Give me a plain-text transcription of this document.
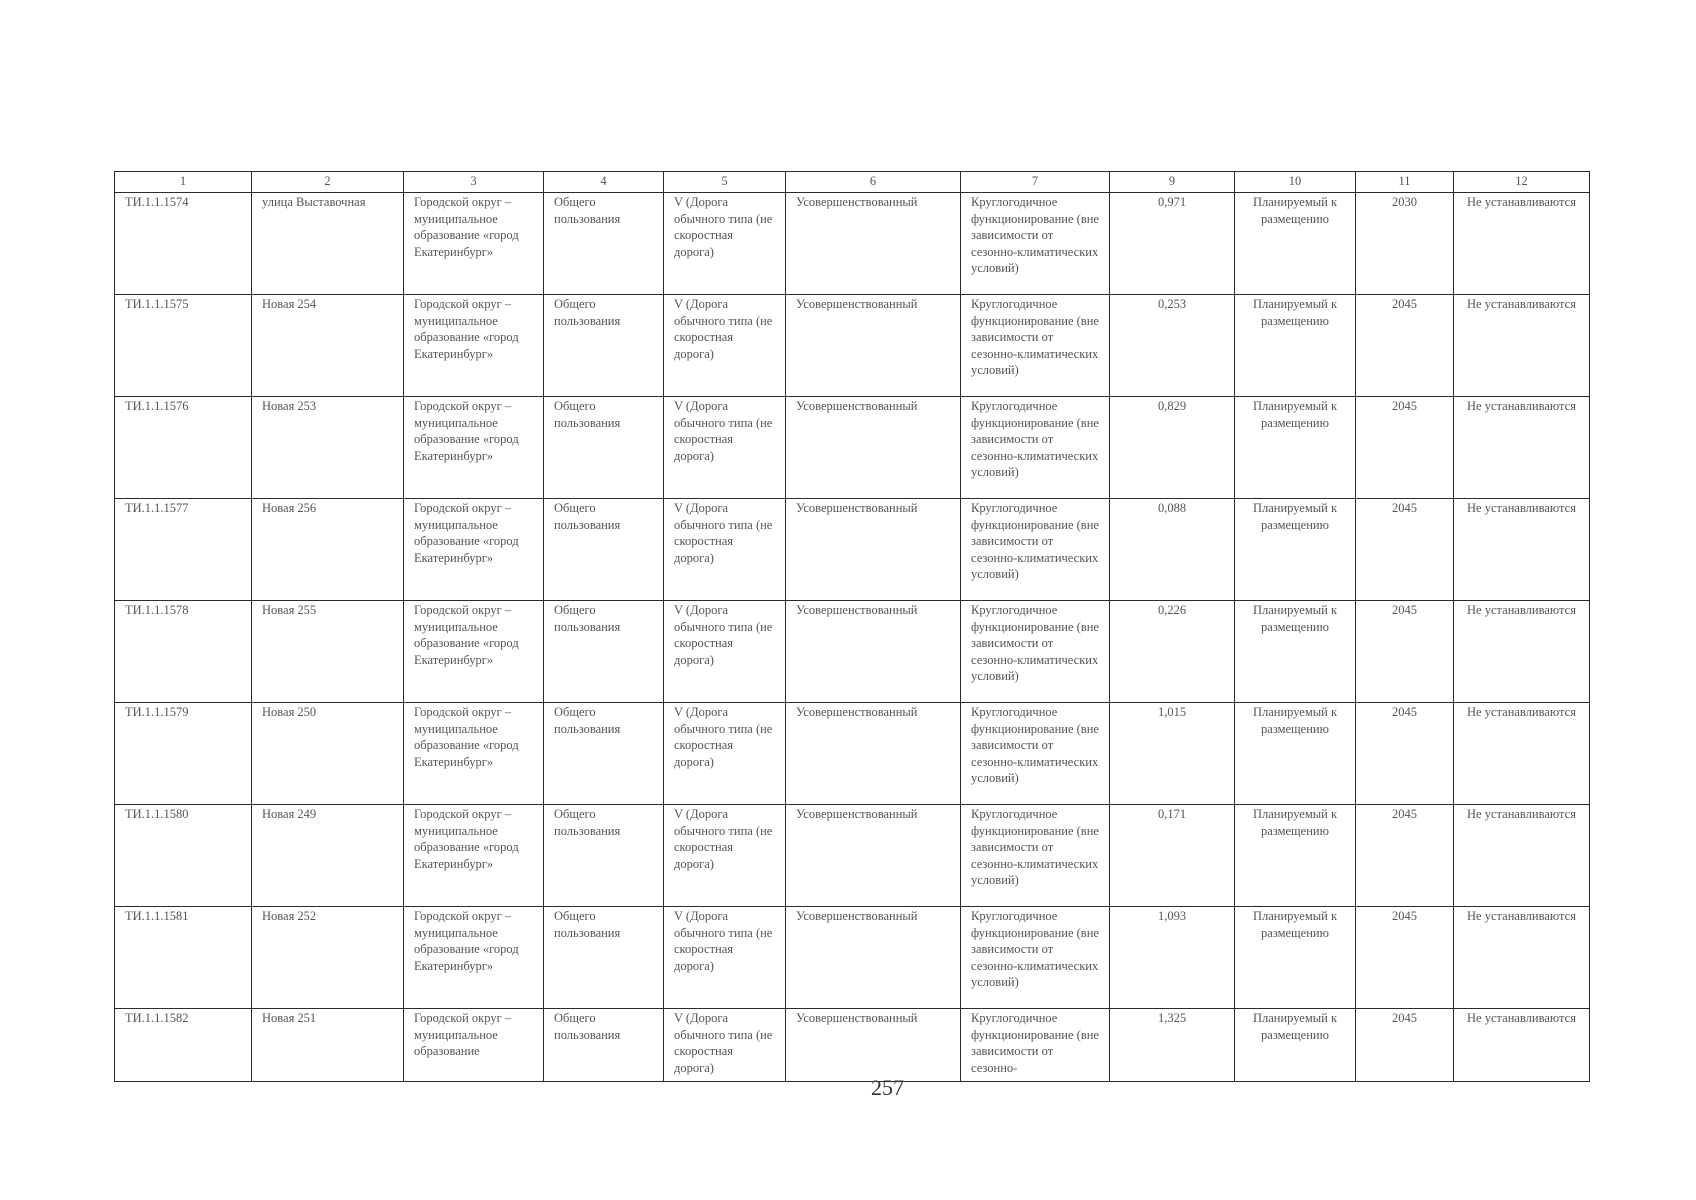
1	2	3	4	5	6	7	9	10	11	12

ТИ.1.1.1574	улица Выставочная	Городской округ – муниципальное образование «город Екатеринбург»	Общего пользования	V (Дорога обычного типа (не скоростная дорога)	Усовершенствованный	Круглогодичное функционирование (вне зависимости от сезонно-климатических условий)	0,971	Планируемый к размещению	2030	Не устанавливаются

ТИ.1.1.1575	Новая 254	Городской округ – муниципальное образование «город Екатеринбург»	Общего пользования	V (Дорога обычного типа (не скоростная дорога)	Усовершенствованный	Круглогодичное функционирование (вне зависимости от сезонно-климатических условий)	0,253	Планируемый к размещению	2045	Не устанавливаются

ТИ.1.1.1576	Новая 253	Городской округ – муниципальное образование «город Екатеринбург»	Общего пользования	V (Дорога обычного типа (не скоростная дорога)	Усовершенствованный	Круглогодичное функционирование (вне зависимости от сезонно-климатических условий)	0,829	Планируемый к размещению	2045	Не устанавливаются

ТИ.1.1.1577	Новая 256	Городской округ – муниципальное образование «город Екатеринбург»	Общего пользования	V (Дорога обычного типа (не скоростная дорога)	Усовершенствованный	Круглогодичное функционирование (вне зависимости от сезонно-климатических условий)	0,088	Планируемый к размещению	2045	Не устанавливаются

ТИ.1.1.1578	Новая 255	Городской округ – муниципальное образование «город Екатеринбург»	Общего пользования	V (Дорога обычного типа (не скоростная дорога)	Усовершенствованный	Круглогодичное функционирование (вне зависимости от сезонно-климатических условий)	0,226	Планируемый к размещению	2045	Не устанавливаются

ТИ.1.1.1579	Новая 250	Городской округ – муниципальное образование «город Екатеринбург»	Общего пользования	V (Дорога обычного типа (не скоростная дорога)	Усовершенствованный	Круглогодичное функционирование (вне зависимости от сезонно-климатических условий)	1,015	Планируемый к размещению	2045	Не устанавливаются

ТИ.1.1.1580	Новая 249	Городской округ – муниципальное образование «город Екатеринбург»	Общего пользования	V (Дорога обычного типа (не скоростная дорога)	Усовершенствованный	Круглогодичное функционирование (вне зависимости от сезонно-климатических условий)	0,171	Планируемый к размещению	2045	Не устанавливаются

ТИ.1.1.1581	Новая 252	Городской округ – муниципальное образование «город Екатеринбург»	Общего пользования	V (Дорога обычного типа (не скоростная дорога)	Усовершенствованный	Круглогодичное функционирование (вне зависимости от сезонно-климатических условий)	1,093	Планируемый к размещению	2045	Не устанавливаются

ТИ.1.1.1582	Новая 251	Городской округ – муниципальное образование	Общего пользования	V (Дорога обычного типа (не скоростная дорога)	Усовершенствованный	Круглогодичное функционирование (вне зависимости от сезонно-	1,325	Планируемый к размещению	2045	Не устанавливаются
257
